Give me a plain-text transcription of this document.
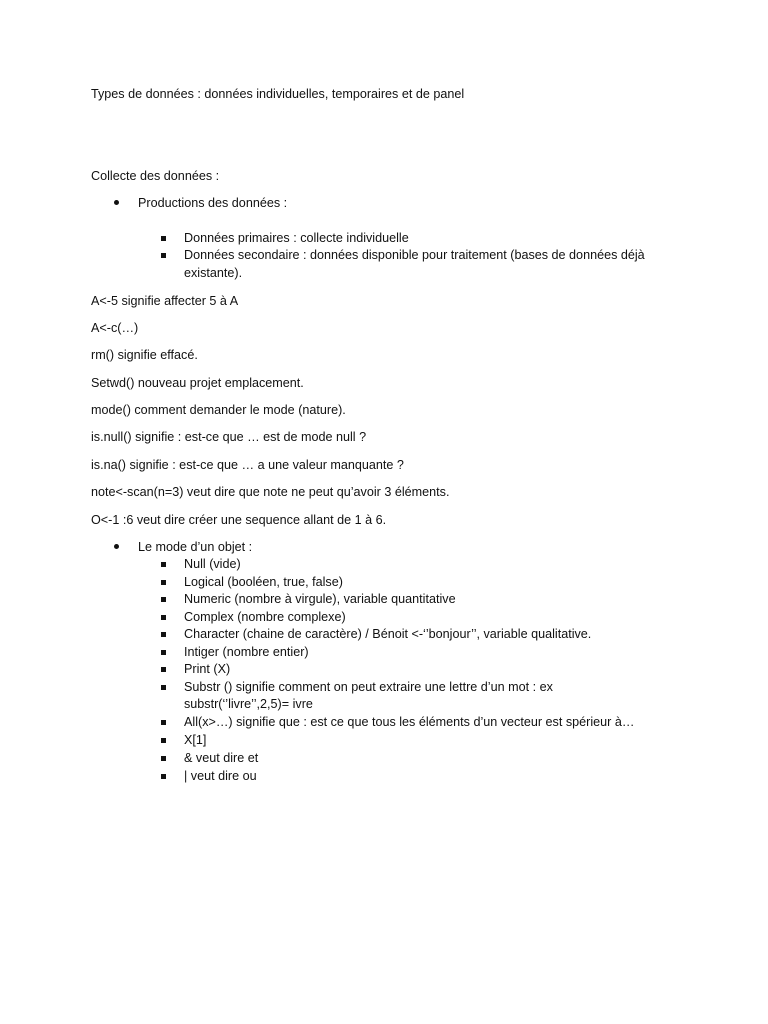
Types de données : données individuelles, temporaires et de panel
Collecte des données :
Productions des données :
Données primaires : collecte individuelle
Données secondaire : données disponible pour traitement (bases de données déjà
existante).
A<-5 signifie affecter 5 à A
A<-c(…)
rm() signifie effacé.
Setwd() nouveau projet emplacement.
mode() comment demander le mode (nature).
is.null() signifie : est-ce que … est de mode null ?
is.na() signifie : est-ce que … a une valeur manquante ?
note<-scan(n=3) veut dire que note ne peut qu’avoir 3 éléments.
O<-1 :6 veut dire créer une sequence allant de 1 à 6.
Le mode d’un objet :
Null (vide)
Logical (booléen, true, false)
Numeric (nombre à virgule), variable quantitative
Complex (nombre complexe)
Character (chaine de caractère) / Bénoit <-‘’bonjour’’, variable qualitative.
Intiger (nombre entier)
Print (X)
Substr () signifie comment on peut extraire une lettre d’un mot : ex
substr(‘’livre’’,2,5)= ivre
All(x>…) signifie que : est ce que tous les éléments d’un vecteur est spérieur à…
X[1]
& veut dire et
| veut dire ou
